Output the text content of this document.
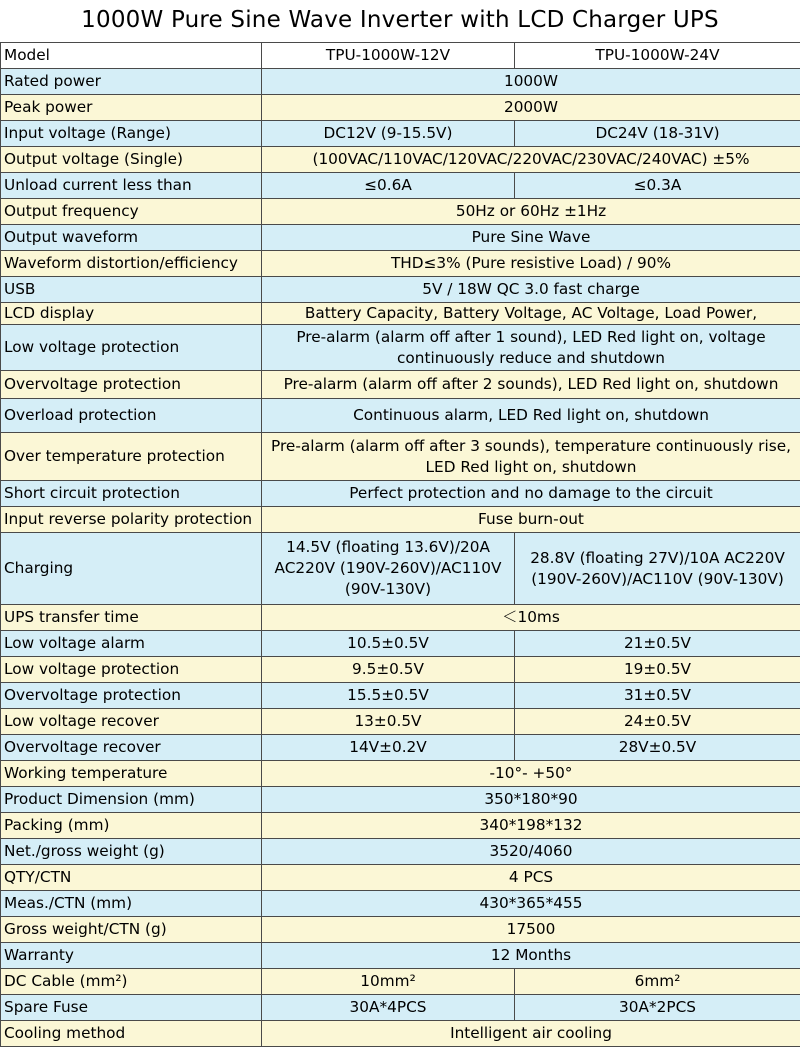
1000W Pure Sine Wave Inverter with LCD Charger UPS
Model	TPU-1000W-12V	TPU-1000W-24V
Rated power	1000W	
Peak power	2000W	
Input voltage (Range)	DC12V (9-15.5V)	DC24V (18-31V)
Output voltage (Single)	(100VAC/110VAC/120VAC/220VAC/230VAC/240VAC) ±5%	
Unload current less than	≤0.6A	≤0.3A
Output frequency	50Hz or 60Hz ±1Hz	
Output waveform	Pure Sine Wave	
Waveform distortion/efficiency	THD≤3% (Pure resistive Load) / 90%	
USB	5V / 18W QC 3.0 fast charge	
LCD display	Battery Capacity, Battery Voltage, AC Voltage, Load Power,	
Low voltage protection	Pre-alarm (alarm off after 1 sound), LED Red light on, voltage continuously reduce and shutdown	
Overvoltage protection	Pre-alarm (alarm off after 2 sounds), LED Red light on, shutdown	
Overload protection	Continuous alarm, LED Red light on, shutdown	
Over temperature protection	Pre-alarm (alarm off after 3 sounds), temperature continuously rise, LED Red light on, shutdown	
Short circuit protection	Perfect protection and no damage to the circuit	
Input reverse polarity protection	Fuse burn-out	
Charging	14.5V (floating 13.6V)/20A AC220V (190V-260V)/AC110V (90V-130V)	28.8V (floating 27V)/10A AC220V (190V-260V)/AC110V (90V-130V)
UPS transfer time	＜10ms	
Low voltage alarm	10.5±0.5V	21±0.5V
Low voltage protection	9.5±0.5V	19±0.5V
Overvoltage protection	15.5±0.5V	31±0.5V
Low voltage recover	13±0.5V	24±0.5V
Overvoltage recover	14V±0.2V	28V±0.5V
Working temperature	-10°- +50°	
Product Dimension (mm)	350*180*90	
Packing (mm)	340*198*132	
Net./gross weight (g)	3520/4060	
QTY/CTN	4 PCS	
Meas./CTN (mm)	430*365*455	
Gross weight/CTN (g)	17500	
Warranty	12 Months	
DC Cable (mm²)	10mm²	6mm²
Spare Fuse	30A*4PCS	30A*2PCS
Cooling method	Intelligent air cooling	
